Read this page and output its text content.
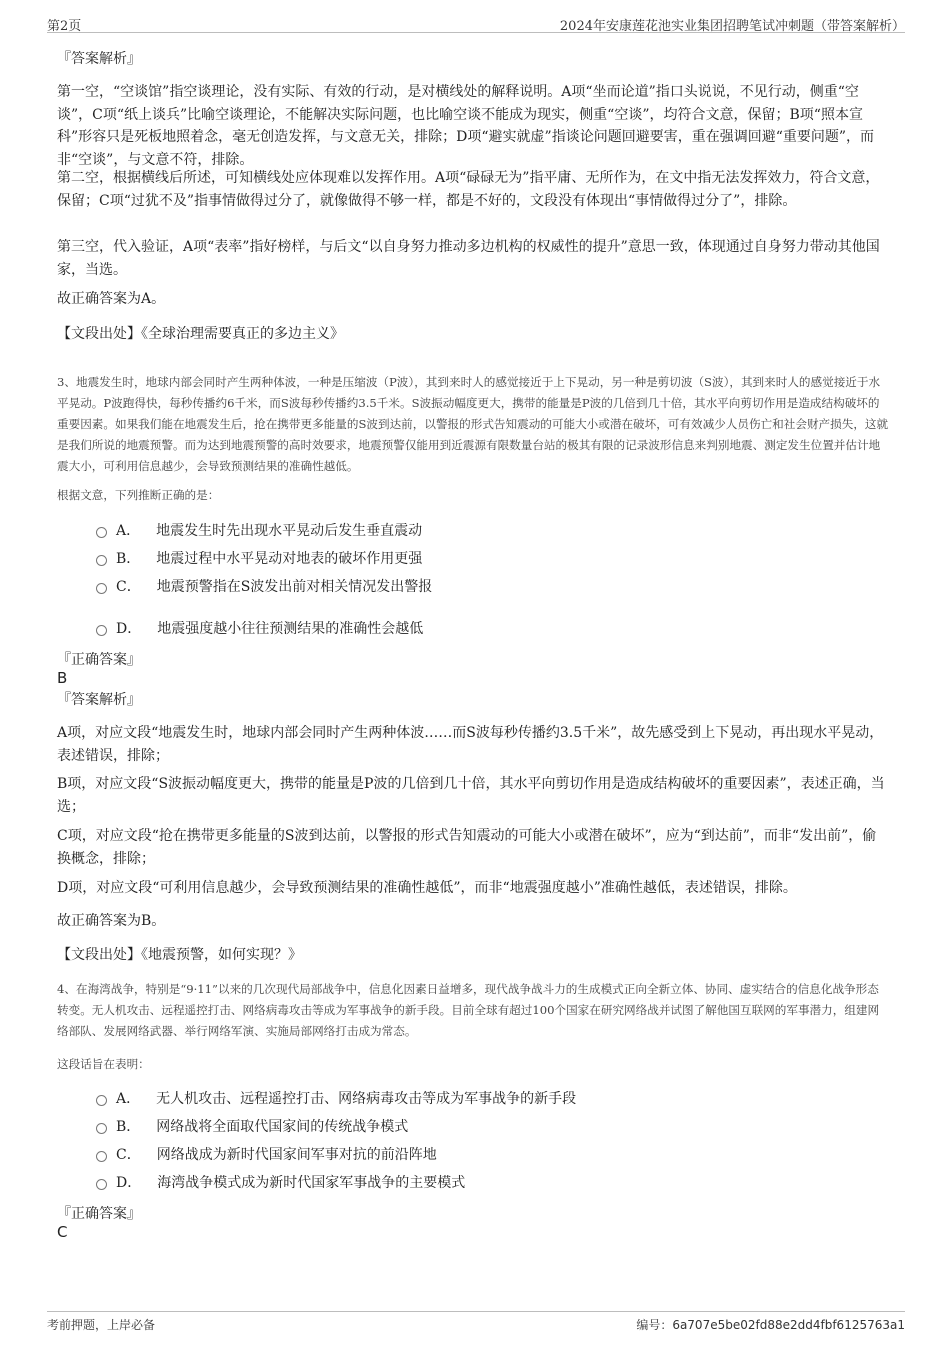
第2页	2024年安康莲花池实业集团招聘笔试冲刺题（带答案解析）
『答案解析』

第一空，“空谈馆”指空谈理论，没有实际、有效的行动，是对横线处的解释说明。A项“坐而论道”指口头说说，不见行动，侧重“空谈”，C项“纸上谈兵”比喻空谈理论，不能解决实际问题，也比喻空谈不能成为现实，侧重“空谈”，均符合文意，保留；B项“照本宣科”形容只是死板地照着念，毫无创造发挥，与文意无关，排除；D项“避实就虚”指谈论问题回避要害，重在强调回避“重要问题”，而非“空谈”，与文意不符，排除。

第二空，根据横线后所述，可知横线处应体现难以发挥作用。A项“碌碌无为”指平庸、无所作为，在文中指无法发挥效力，符合文意，保留；C项“过犹不及”指事情做得过分了，就像做得不够一样，都是不好的，文段没有体现出“事情做得过分了”，排除。

第三空，代入验证，A项“表率”指好榜样，与后文“以自身努力推动多边机构的权威性的提升”意思一致，体现通过自身努力带动其他国家，当选。

故正确答案为A。

【文段出处】《全球治理需要真正的多边主义》

3、地震发生时，地球内部会同时产生两种体波，一种是压缩波（P波），其到来时人的感觉接近于上下晃动，另一种是剪切波（S波），其到来时人的感觉接近于水平晃动。P波跑得快，每秒传播约6千米，而S波每秒传播约3.5千米。S波振动幅度更大，携带的能量是P波的几倍到几十倍，其水平向剪切作用是造成结构破坏的重要因素。如果我们能在地震发生后，抢在携带更多能量的S波到达前，以警报的形式告知震动的可能大小或潜在破坏，可有效减少人员伤亡和社会财产损失，这就是我们所说的地震预警。而为达到地震预警的高时效要求，地震预警仅能用到近震源有限数量台站的极其有限的记录波形信息来判别地震、测定发生位置并估计地震大小，可利用信息越少，会导致预测结果的准确性越低。

根据文意，下列推断正确的是：

A． 地震发生时先出现水平晃动后发生垂直震动
B． 地震过程中水平晃动对地表的破坏作用更强
C． 地震预警指在S波发出前对相关情况发出警报
D． 地震强度越小往往预测结果的准确性会越低
『正确答案』
B
『答案解析』

A项，对应文段“地震发生时，地球内部会同时产生两种体波……而S波每秒传播约3.5千米”，故先感受到上下晃动，再出现水平晃动，表述错误，排除；

B项，对应文段“S波振动幅度更大，携带的能量是P波的几倍到几十倍，其水平向剪切作用是造成结构破坏的重要因素”，表述正确，当选；

C项，对应文段“抢在携带更多能量的S波到达前，以警报的形式告知震动的可能大小或潜在破坏”，应为“到达前”，而非“发出前”，偷换概念，排除；

D项，对应文段“可利用信息越少，会导致预测结果的准确性越低”，而非“地震强度越小”准确性越低，表述错误，排除。

故正确答案为B。

【文段出处】《地震预警，如何实现？》

4、在海湾战争，特别是“9·11”以来的几次现代局部战争中，信息化因素日益增多，现代战争战斗力的生成模式正向全新立体、协同、虚实结合的信息化战争形态转变。无人机攻击、远程遥控打击、网络病毒攻击等成为军事战争的新手段。目前全球有超过100个国家在研究网络战并试图了解他国互联网的军事潜力，组建网络部队、发展网络武器、举行网络军演、实施局部网络打击成为常态。

这段话旨在表明：

A． 无人机攻击、远程遥控打击、网络病毒攻击等成为军事战争的新手段
B． 网络战将全面取代国家间的传统战争模式
C． 网络战成为新时代国家间军事对抗的前沿阵地
D． 海湾战争模式成为新时代国家军事战争的主要模式
『正确答案』
C
考前押题，上岸必备	编号：6a707e5be02fd88e2dd4fbf6125763a1
